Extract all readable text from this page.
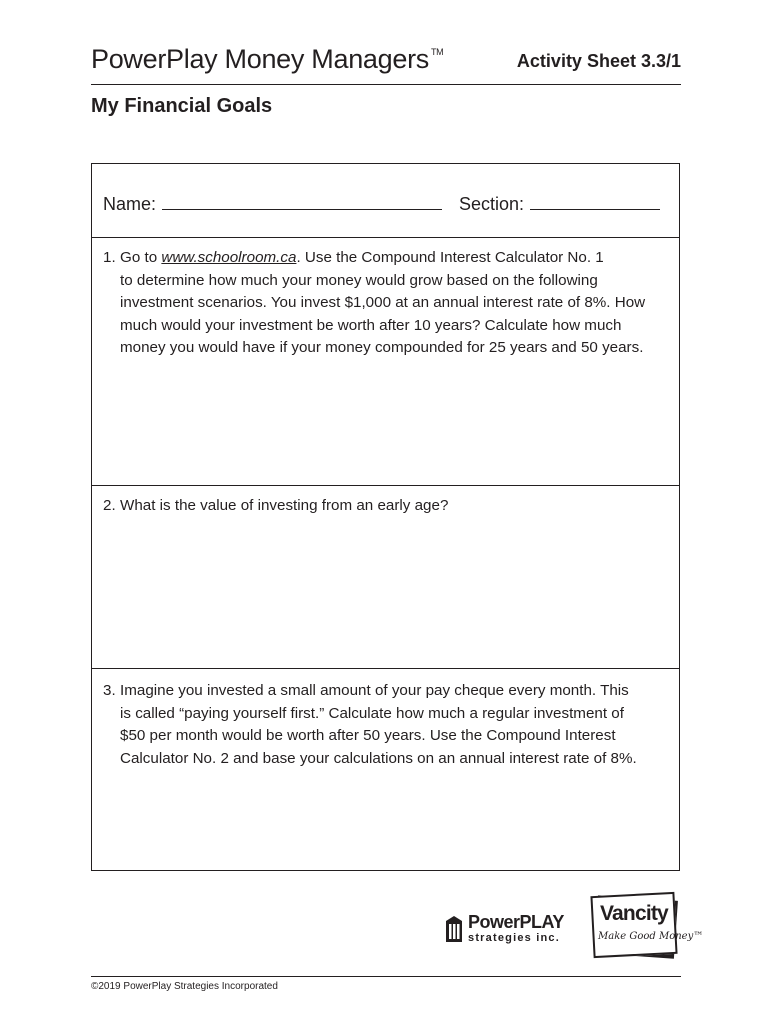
PowerPlay Money Managers ™	Activity Sheet 3.3/1
My Financial Goals
Name:	Section:
1. Go to www.schoolroom.ca. Use the Compound Interest Calculator No. 1
to determine how much your money would grow based on the following
investment scenarios. You invest $1,000 at an annual interest rate of 8%. How
much would your investment be worth after 10 years? Calculate how much
money you would have if your money compounded for 25 years and 50 years.
2. What is the value of investing from an early age?
3. Imagine you invested a small amount of your pay cheque every month. This
is called “paying yourself first.” Calculate how much a regular investment of
$50 per month would be worth after 50 years. Use the Compound Interest
Calculator No. 2 and base your calculations on an annual interest rate of 8%.
PowerPLAY
strategies inc.
Vancity
Make Good Money™
©2019 PowerPlay Strategies Incorporated
